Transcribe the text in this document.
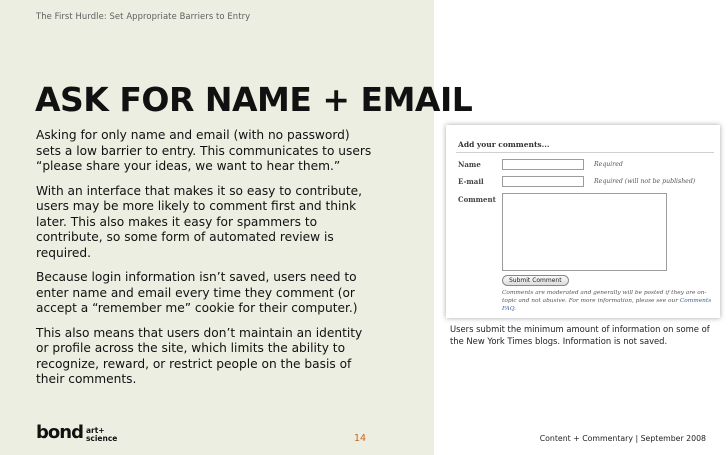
The First Hurdle: Set Appropriate Barriers to Entry
ASK FOR NAME + EMAIL

Asking for only name and email (with no password) sets a low barrier to entry. This communicates to users “please share your ideas, we want to hear them.”

With an interface that makes it so easy to contribute, users may be more likely to comment first and think later. This also makes it easy for spammers to contribute, so some form of automated review is required.

Because login information isn’t saved, users need to enter name and email every time they comment (or accept a “remember me” cookie for their computer.)

This also means that users don’t maintain an identity or profile across the site, which limits the ability to recognize, reward, or restrict people on the basis of their comments.

Add your comments...
Name	Required
E-mail	Required (will not be published)
Comment
Submit Comment
Comments are moderated and generally will be posted if they are on-topic and not abusive. For more information, please see our Comments FAQ.
Users submit the minimum amount of information on some of the New York Times blogs. Information is not saved.
bond art+
science	14	Content + Commentary | September 2008
